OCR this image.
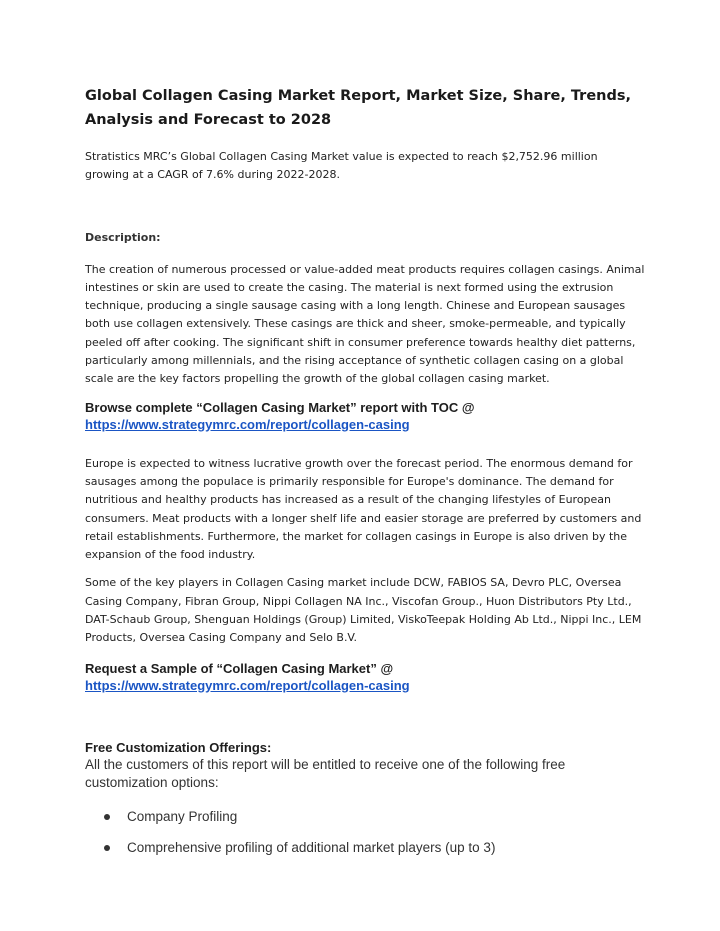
Global Collagen Casing Market Report, Market Size, Share, Trends, Analysis and Forecast to 2028

Stratistics MRC’s Global Collagen Casing Market value is expected to reach $2,752.96 million growing at a CAGR of 7.6% during 2022-2028.

Description:

The creation of numerous processed or value-added meat products requires collagen casings. Animal intestines or skin are used to create the casing. The material is next formed using the extrusion technique, producing a single sausage casing with a long length. Chinese and European sausages both use collagen extensively. These casings are thick and sheer, smoke-permeable, and typically peeled off after cooking. The significant shift in consumer preference towards healthy diet patterns, particularly among millennials, and the rising acceptance of synthetic collagen casing on a global scale are the key factors propelling the growth of the global collagen casing market.

Browse complete “Collagen Casing Market” report with TOC @

https://www.strategymrc.com/report/collagen-casing

Europe is expected to witness lucrative growth over the forecast period. The enormous demand for sausages among the populace is primarily responsible for Europe's dominance. The demand for nutritious and healthy products has increased as a result of the changing lifestyles of European consumers. Meat products with a longer shelf life and easier storage are preferred by customers and retail establishments. Furthermore, the market for collagen casings in Europe is also driven by the expansion of the food industry.

Some of the key players in Collagen Casing market include DCW, FABIOS SA, Devro PLC, Oversea Casing Company, Fibran Group, Nippi Collagen NA Inc., Viscofan Group., Huon Distributors Pty Ltd., DAT-Schaub Group, Shenguan Holdings (Group) Limited, ViskoTeepak Holding Ab Ltd., Nippi Inc., LEM Products, Oversea Casing Company and Selo B.V.

Request a Sample of “Collagen Casing Market” @

https://www.strategymrc.com/report/collagen-casing

Free Customization Offerings:

All the customers of this report will be entitled to receive one of the following free customization options:

Company Profiling
Comprehensive profiling of additional market players (up to 3)
